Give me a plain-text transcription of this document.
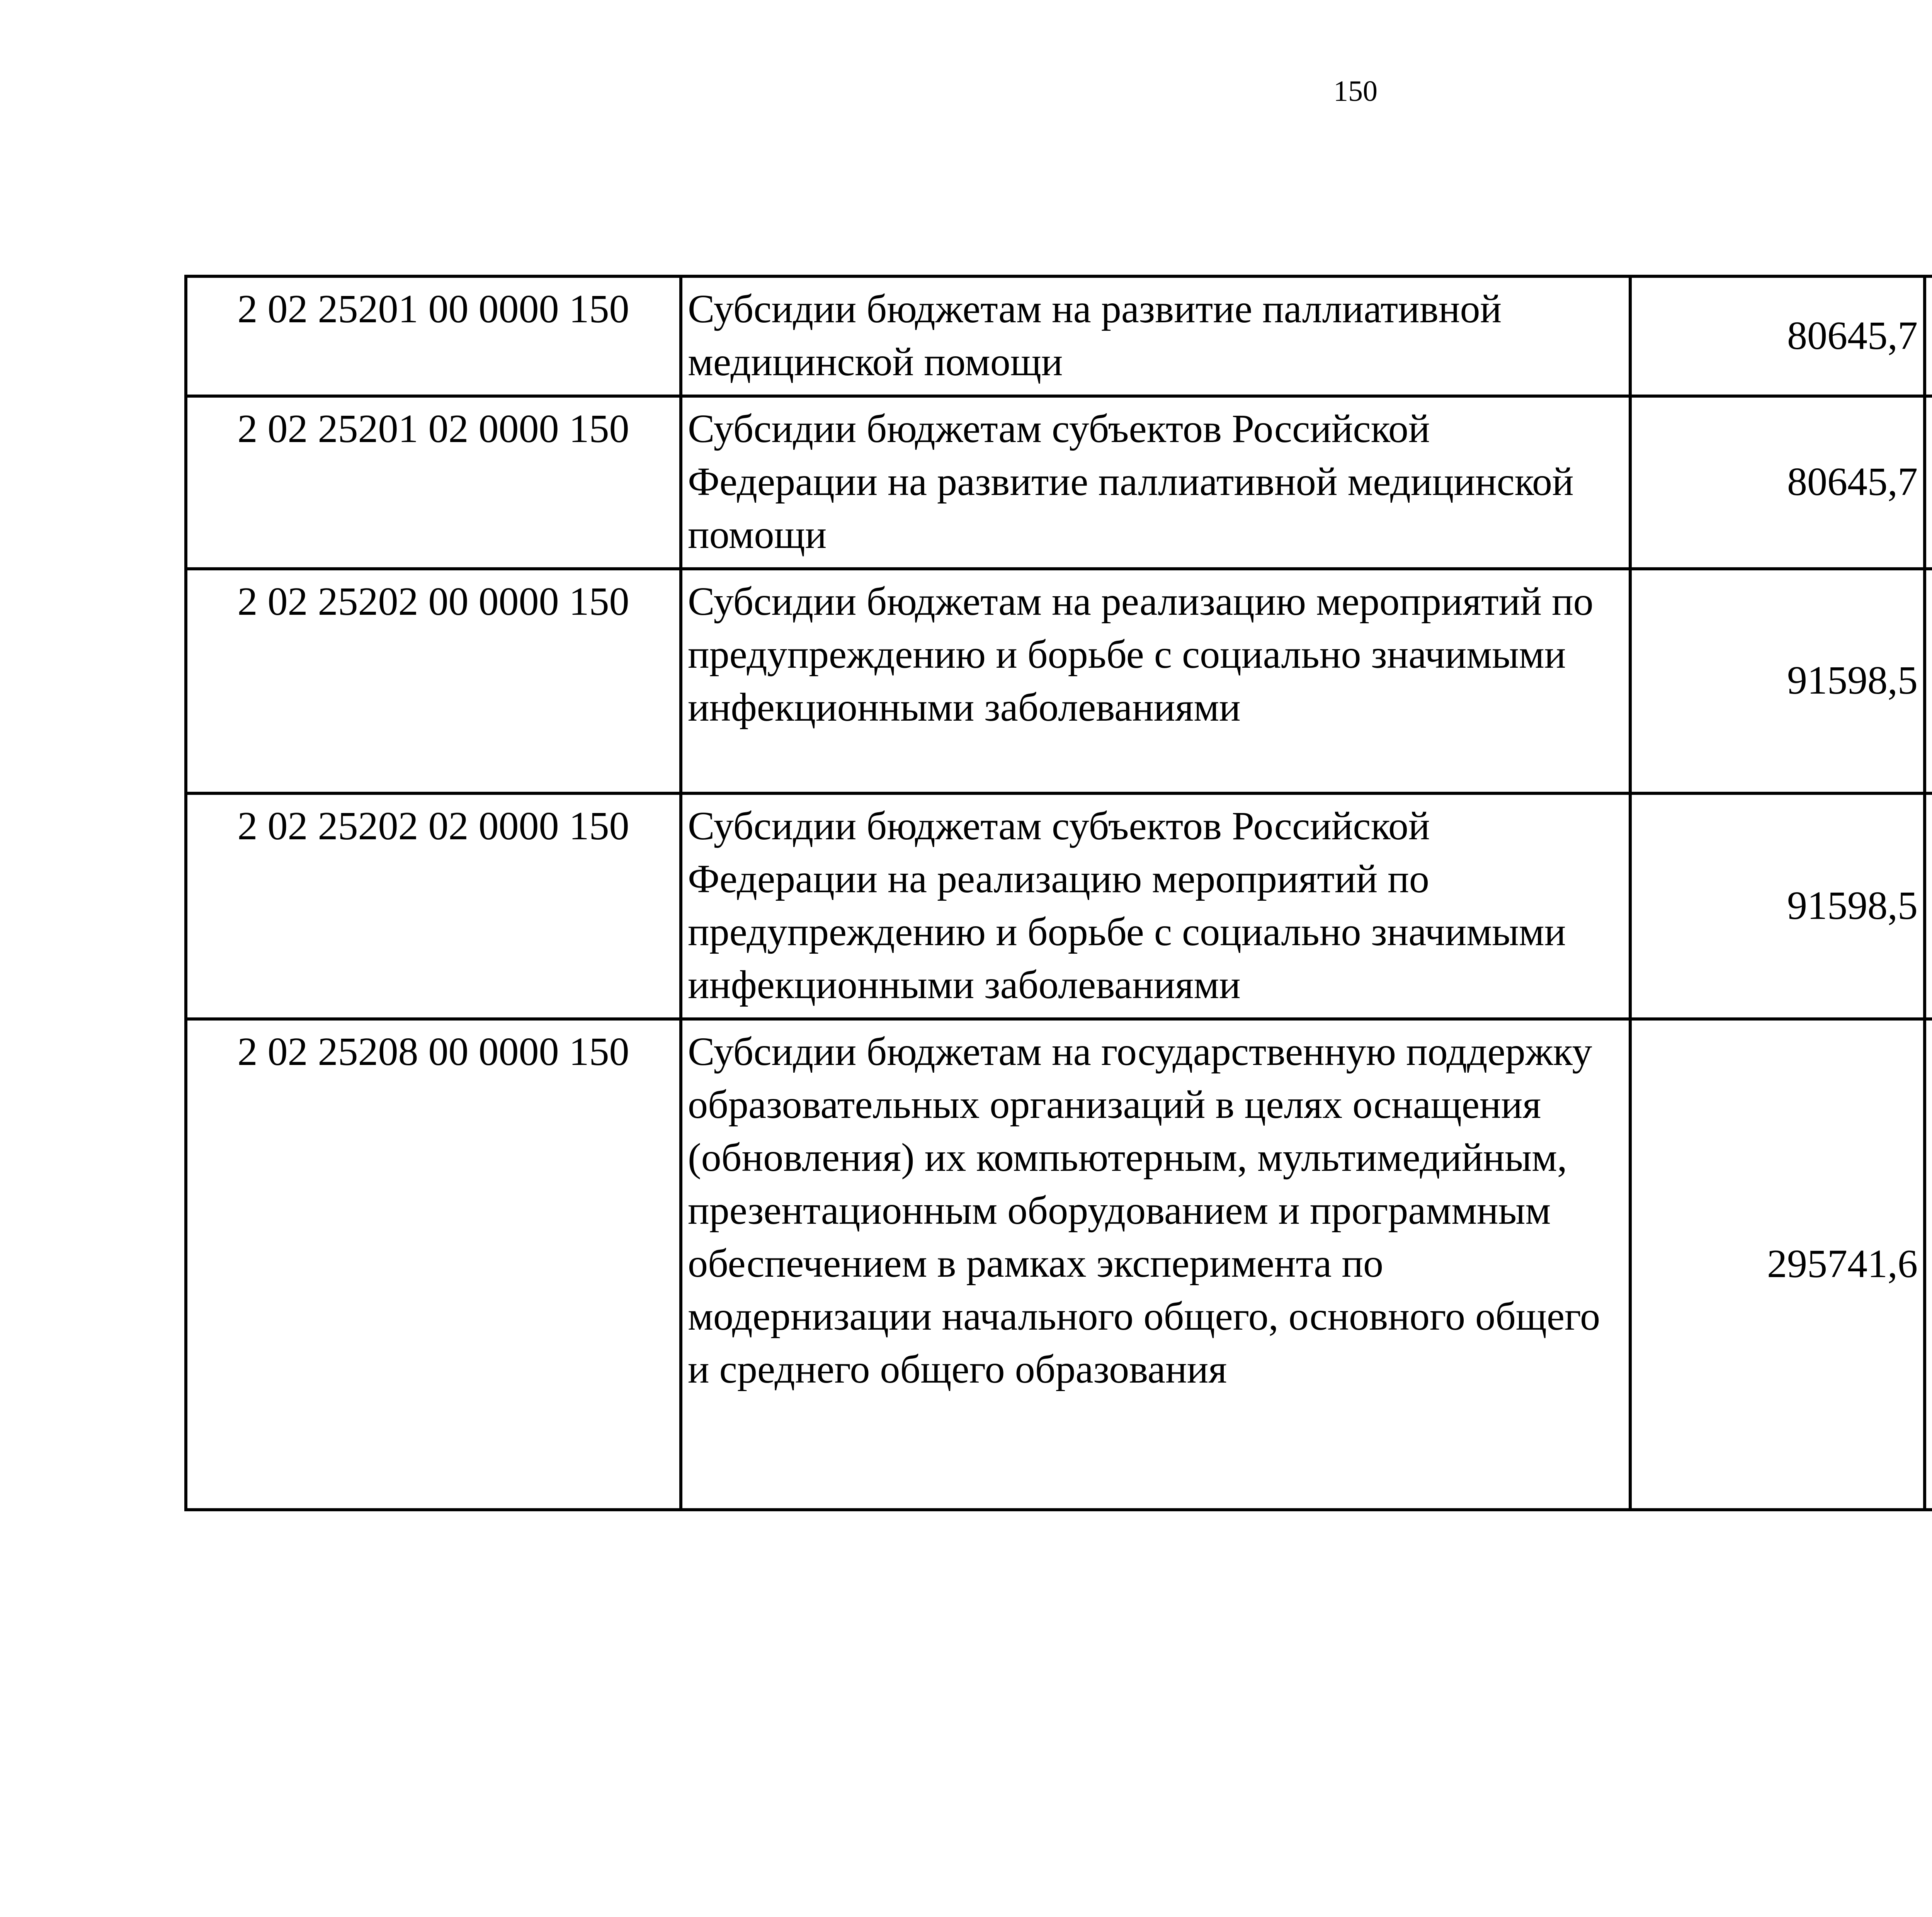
150
2 02 25201 00 0000 150	Субсидии бюджетам на развитие паллиативной медицинской помощи	80645,7		
2 02 25201 02 0000 150	Субсидии бюджетам субъектов Российской Федерации на развитие паллиативной медицинской помощи	80645,7		
2 02 25202 00 0000 150	Субсидии бюджетам на реализацию мероприятий по предупреждению и борьбе с социально значимыми инфекционными заболеваниями	91598,5		
2 02 25202 02 0000 150	Субсидии бюджетам субъектов Российской Федерации на реализацию мероприятий по предупреждению и борьбе с социально значимыми инфекционными заболеваниями	91598,5		
2 02 25208 00 0000 150	Субсидии бюджетам на государственную поддержку образовательных организаций в целях оснащения (обновления) их компьютерным, мультимедийным, презентационным оборудованием и программным обеспечением в рамках эксперимента по модернизации начального общего, основного общего и среднего общего образования	295741,6		
